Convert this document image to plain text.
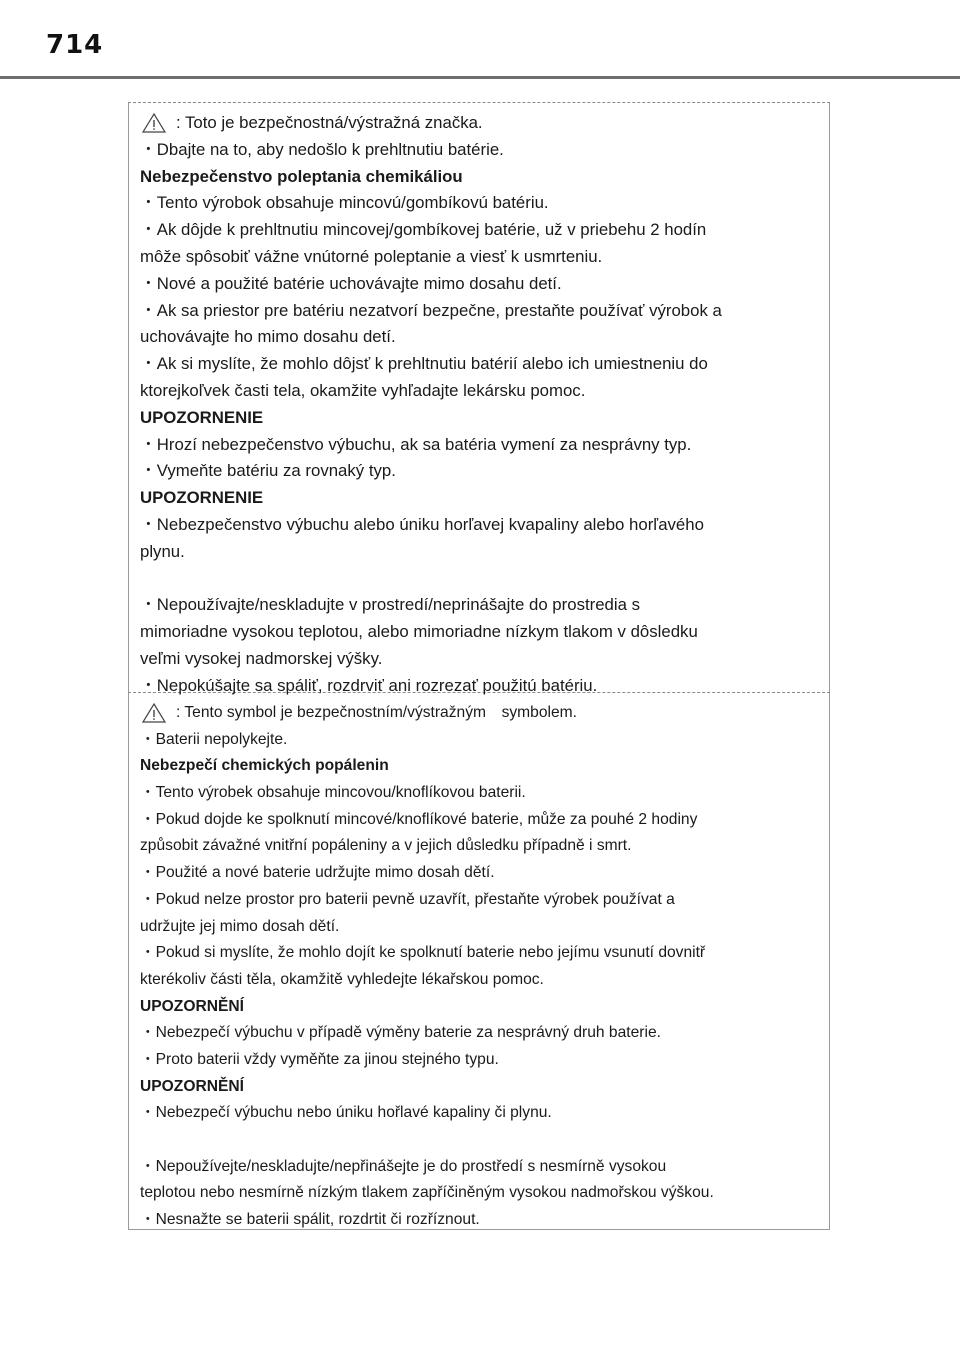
714
: Toto je bezpečnostná/výstražná značka.
・Dbajte na to, aby nedošlo k prehltnutiu batérie.
Nebezpečenstvo poleptania chemikáliou
・Tento výrobok obsahuje mincovú/gombíkovú batériu.
・Ak dôjde k prehltnutiu mincovej/gombíkovej batérie, už v priebehu 2 hodín
môže spôsobiť vážne vnútorné poleptanie a viesť k usmrteniu.
・Nové a použité batérie uchovávajte mimo dosahu detí.
・Ak sa priestor pre batériu nezatvorí bezpečne, prestaňte používať výrobok a
uchovávajte ho mimo dosahu detí.
・Ak si myslíte, že mohlo dôjsť k prehltnutiu batérií alebo ich umiestneniu do
ktorejkoľvek časti tela, okamžite vyhľadajte lekársku pomoc.
UPOZORNENIE
・Hrozí nebezpečenstvo výbuchu, ak sa batéria vymení za nesprávny typ.
・Vymeňte batériu za rovnaký typ.
UPOZORNENIE
・Nebezpečenstvo výbuchu alebo úniku horľavej kvapaliny alebo horľavého
plynu.
・Nepoužívajte/neskladujte v prostredí/neprinášajte do prostredia s
mimoriadne vysokou teplotou, alebo mimoriadne nízkym tlakom v dôsledku
veľmi vysokej nadmorskej výšky.
・Nepokúšajte sa spáliť, rozdrviť ani rozrezať použitú batériu.
: Tento symbol je bezpečnostním/výstražným　symbolem.
・Baterii nepolykejte.
Nebezpečí chemických popálenin
・Tento výrobek obsahuje mincovou/knoflíkovou baterii.
・Pokud dojde ke spolknutí mincové/knoflíkové baterie, může za pouhé 2 hodiny
způsobit závažné vnitřní popáleniny a v jejich důsledku případně i smrt.
・Použité a nové baterie udržujte mimo dosah dětí.
・Pokud nelze prostor pro baterii pevně uzavřít, přestaňte výrobek používat a
udržujte jej mimo dosah dětí.
・Pokud si myslíte, že mohlo dojít ke spolknutí baterie nebo jejímu vsunutí dovnitř
kterékoliv části těla, okamžitě vyhledejte lékařskou pomoc.
UPOZORNĚNÍ
・Nebezpečí výbuchu v případě výměny baterie za nesprávný druh baterie.
・Proto baterii vždy vyměňte za jinou stejného typu.
UPOZORNĚNÍ
・Nebezpečí výbuchu nebo úniku hořlavé kapaliny či plynu.
・Nepoužívejte/neskladujte/nepřinášejte je do prostředí s nesmírně vysokou
teplotou nebo nesmírně nízkým tlakem zapříčiněným vysokou nadmořskou výškou.
・Nesnažte se baterii spálit, rozdrtit či rozříznout.
